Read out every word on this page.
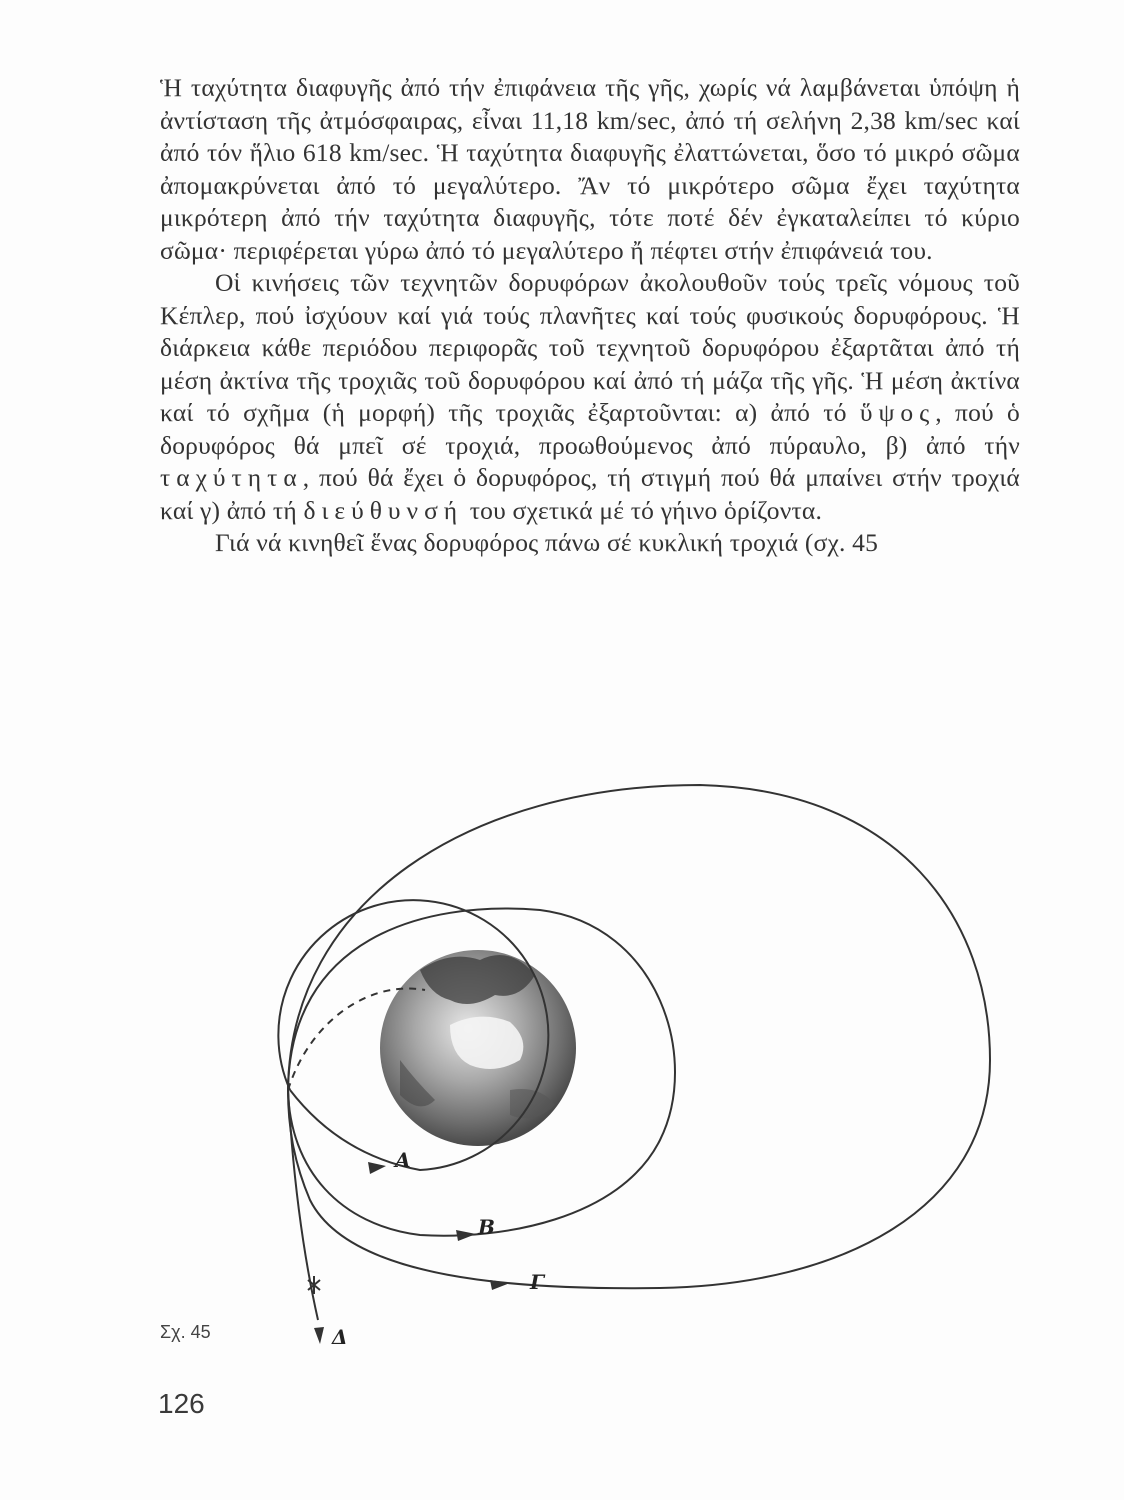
Ἡ ταχύτητα διαφυγῆς ἀπό τήν ἐπιφάνεια τῆς γῆς, χωρίς νά λαμβάνεται ὑπόψη ἡ ἀντίσταση τῆς ἀτμόσφαιρας, εἶναι 11,18 km/sec, ἀπό τή σελήνη 2,38 km/sec καί ἀπό τόν ἥλιο 618 km/sec. Ἡ ταχύτητα διαφυγῆς ἐλαττώνεται, ὅσο τό μικρό σῶμα ἀπομακρύνεται ἀπό τό μεγαλύτερο. Ἄν τό μικρότερο σῶμα ἔχει ταχύτητα μικρότερη ἀπό τήν ταχύτητα διαφυγῆς, τότε ποτέ δέν ἐγκαταλείπει τό κύριο σῶμα· περιφέρεται γύρω ἀπό τό μεγαλύτερο ἤ πέφτει στήν ἐπιφάνειά του.

Οἱ κινήσεις τῶν τεχνητῶν δορυφόρων ἀκολουθοῦν τούς τρεῖς νόμους τοῦ Κέπλερ, πού ἰσχύουν καί γιά τούς πλανῆτες καί τούς φυσικούς δορυφόρους. Ἡ διάρκεια κάθε περιόδου περιφορᾶς τοῦ τεχνητοῦ δορυφόρου ἐξαρτᾶται ἀπό τή μέση ἀκτίνα τῆς τροχιᾶς τοῦ δορυφόρου καί ἀπό τή μάζα τῆς γῆς. Ἡ μέση ἀκτίνα καί τό σχῆμα (ἡ μορφή) τῆς τροχιᾶς ἐξαρτοῦνται: α) ἀπό τό ὕψος, πού ὁ δορυφόρος θά μπεῖ σέ τροχιά, προωθούμενος ἀπό πύραυλο, β) ἀπό τήν ταχύτητα, πού θά ἔχει ὁ δορυφόρος, τή στιγμή πού θά μπαίνει στήν τροχιά καί γ) ἀπό τή διεύθυνσή του σχετικά μέ τό γήινο ὁρίζοντα.

Γιά νά κινηθεῖ ἕνας δορυφόρος πάνω σέ κυκλική τροχιά (σχ. 45

Α
Β
Γ
Δ
Σχ. 45
126
